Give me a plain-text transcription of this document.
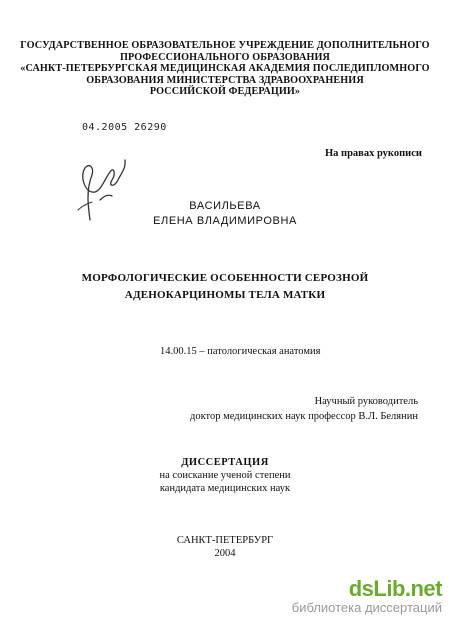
ГОСУДАРСТВЕННОЕ ОБРАЗОВАТЕЛЬНОЕ УЧРЕЖДЕНИЕ ДОПОЛНИТЕЛЬНОГО
ПРОФЕССИОНАЛЬНОГО ОБРАЗОВАНИЯ
«САНКТ-ПЕТЕРБУРГСКАЯ МЕДИЦИНСКАЯ АКАДЕМИЯ ПОСЛЕДИПЛОМНОГО
ОБРАЗОВАНИЯ МИНИСТЕРСТВА ЗДРАВООХРАНЕНИЯ
РОССИЙСКОЙ ФЕДЕРАЦИИ»
04.2005 26290
На правах рукописи
ВАСИЛЬЕВА
ЕЛЕНА ВЛАДИМИРОВНА
МОРФОЛОГИЧЕСКИЕ ОСОБЕННОСТИ СЕРОЗНОЙ
АДЕНОКАРЦИНОМЫ ТЕЛА МАТКИ
14.00.15 – патологическая анатомия
Научный руководитель
доктор медицинских наук профессор В.Л. Белянин
ДИССЕРТАЦИЯ
на соискание ученой степени
кандидата медицинских наук
САНКТ-ПЕТЕРБУРГ
2004
dsLib.net
библиотека диссертаций
